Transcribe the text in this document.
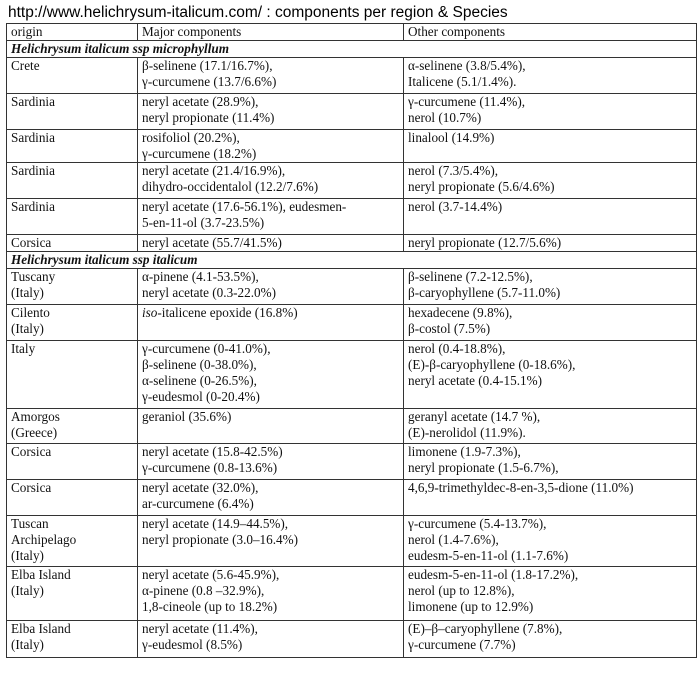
http://www.helichrysum-italicum.com/ : components per region & Species
origin	Major components	Other components
Helichrysum italicum ssp microphyllum		

Crete	β-selinene (17.1/16.7%),
γ-curcumene (13.7/6.6%)	α-selinene (3.8/5.4%),
Italicene (5.1/1.4%).

Sardinia	neryl acetate (28.9%),
neryl propionate (11.4%)	γ-curcumene (11.4%),
nerol (10.7%)

Sardinia	rosifoliol (20.2%),
γ-curcumene (18.2%)	linalool (14.9%)

Sardinia	neryl acetate (21.4/16.9%),
dihydro-occidentalol (12.2/7.6%)	nerol (7.3/5.4%),
neryl propionate (5.6/4.6%)

Sardinia	neryl acetate (17.6-56.1%), eudesmen-
5-en-11-ol (3.7-23.5%)	nerol (3.7-14.4%)

Corsica	neryl acetate (55.7/41.5%)	neryl propionate (12.7/5.6%)

Helichrysum italicum ssp italicum		

Tuscany
(Italy)	α-pinene (4.1-53.5%),
neryl acetate (0.3-22.0%)	β-selinene (7.2-12.5%),
β-caryophyllene (5.7-11.0%)

Cilento
(Italy)	iso-italicene epoxide (16.8%)	hexadecene (9.8%),
β-costol (7.5%)

Italy	γ-curcumene (0-41.0%),
β-selinene (0-38.0%),
α-selinene (0-26.5%),
γ-eudesmol (0-20.4%)	nerol (0.4-18.8%),
(E)-β-caryophyllene (0-18.6%),
neryl acetate (0.4-15.1%)

Amorgos
(Greece)	geraniol (35.6%)	geranyl acetate (14.7 %),
(E)-nerolidol (11.9%).

Corsica	neryl acetate (15.8-42.5%)
γ-curcumene (0.8-13.6%)	limonene (1.9-7.3%),
neryl propionate (1.5-6.7%),

Corsica	neryl acetate (32.0%),
ar-curcumene (6.4%)	4,6,9-trimethyldec-8-en-3,5-dione (11.0%)

Tuscan
Archipelago
(Italy)	neryl acetate (14.9–44.5%),
neryl propionate (3.0–16.4%)	γ-curcumene (5.4-13.7%),
nerol (1.4-7.6%),
eudesm-5-en-11-ol (1.1-7.6%)

Elba Island
(Italy)	neryl acetate (5.6-45.9%),
α-pinene (0.8 –32.9%),
1,8-cineole (up to 18.2%)	eudesm-5-en-11-ol (1.8-17.2%),
nerol (up to 12.8%),
limonene (up to 12.9%)

Elba Island
(Italy)	neryl acetate (11.4%),
γ-eudesmol (8.5%)	(E)–β–caryophyllene (7.8%),
γ-curcumene (7.7%)
